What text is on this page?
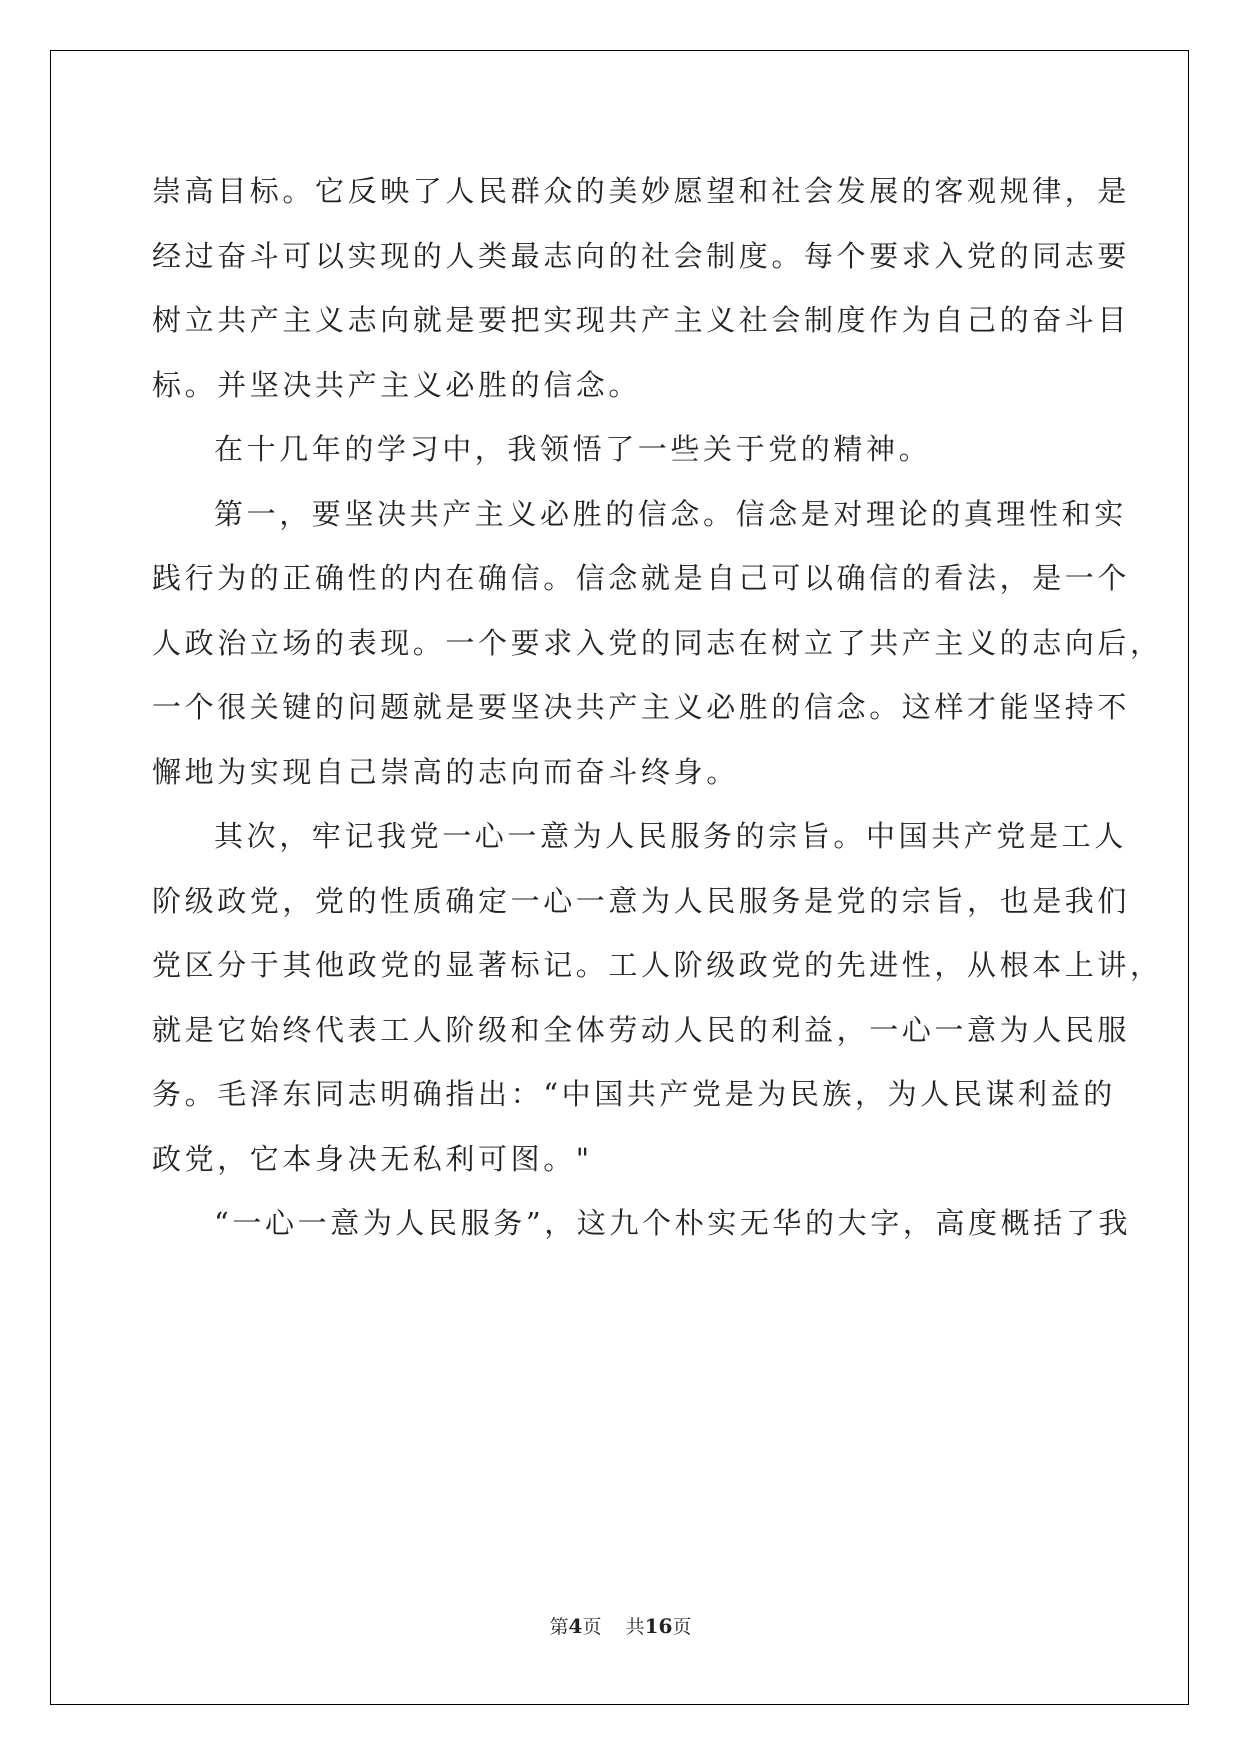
崇高目标。它反映了人民群众的美妙愿望和社会发展的客观规律，是
经过奋斗可以实现的人类最志向的社会制度。每个要求入党的同志要
树立共产主义志向就是要把实现共产主义社会制度作为自己的奋斗目
标。并坚决共产主义必胜的信念。

在十几年的学习中，我领悟了一些关于党的精神。

第一，要坚决共产主义必胜的信念。信念是对理论的真理性和实
践行为的正确性的内在确信。信念就是自己可以确信的看法，是一个
人政治立场的表现。一个要求入党的同志在树立了共产主义的志向后，
一个很关键的问题就是要坚决共产主义必胜的信念。这样才能坚持不
懈地为实现自己崇高的志向而奋斗终身。

其次，牢记我党一心一意为人民服务的宗旨。中国共产党是工人
阶级政党，党的性质确定一心一意为人民服务是党的宗旨，也是我们
党区分于其他政党的显著标记。工人阶级政党的先进性，从根本上讲，
就是它始终代表工人阶级和全体劳动人民的利益，一心一意为人民服
务。毛泽东同志明确指出：“中国共产党是为民族，为人民谋利益的
政党，它本身决无私利可图。"

“一心一意为人民服务”，这九个朴实无华的大字，高度概括了我

第4页 共16页
